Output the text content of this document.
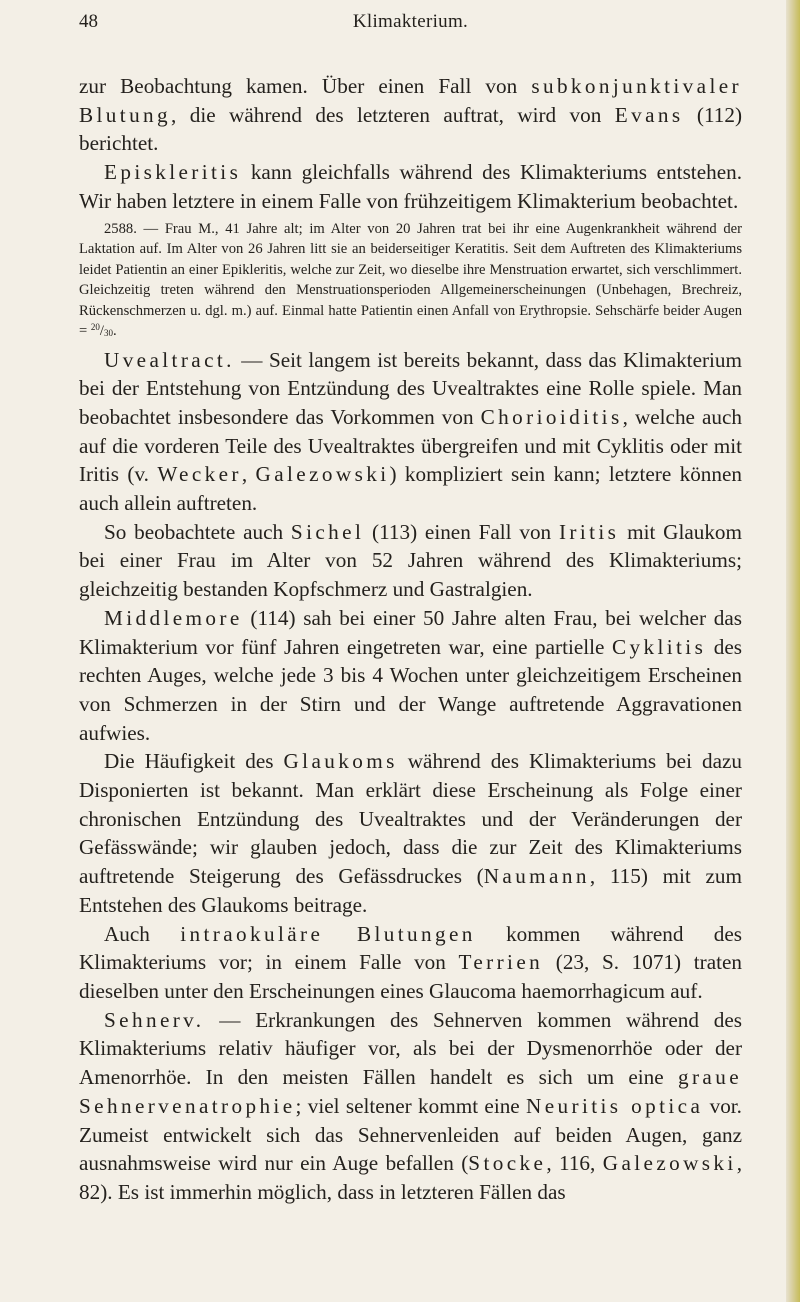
48	Klimakterium.

zur Beobachtung kamen. Über einen Fall von subkonjunktivaler Blutung, die während des letzteren auftrat, wird von Evans (112) berichtet.

Episkleritis kann gleichfalls während des Klimakteriums entstehen. Wir haben letztere in einem Falle von frühzeitigem Klimakterium beobachtet.

2588. — Frau M., 41 Jahre alt; im Alter von 20 Jahren trat bei ihr eine Augenkrankheit während der Laktation auf. Im Alter von 26 Jahren litt sie an beiderseitiger Keratitis. Seit dem Auftreten des Klimakteriums leidet Patientin an einer Epikleritis, welche zur Zeit, wo dieselbe ihre Menstruation erwartet, sich verschlimmert. Gleichzeitig treten während den Menstruationsperioden Allgemeinerscheinungen (Unbehagen, Brechreiz, Rückenschmerzen u. dgl. m.) auf. Einmal hatte Patientin einen Anfall von Erythropsie. Sehschärfe beider Augen = $^{20}/_{30}$.

Uvealtract. — Seit langem ist bereits bekannt, dass das Klimakterium bei der Entstehung von Entzündung des Uvealtraktes eine Rolle spiele. Man beobachtet insbesondere das Vorkommen von Chorioiditis, welche auch auf die vorderen Teile des Uvealtraktes übergreifen und mit Cyklitis oder mit Iritis (v. Wecker, Galezowski) kompliziert sein kann; letztere können auch allein auftreten.

So beobachtete auch Sichel (113) einen Fall von Iritis mit Glaukom bei einer Frau im Alter von 52 Jahren während des Klimakteriums; gleichzeitig bestanden Kopfschmerz und Gastralgien.

Middlemore (114) sah bei einer 50 Jahre alten Frau, bei welcher das Klimakterium vor fünf Jahren eingetreten war, eine partielle Cyklitis des rechten Auges, welche jede 3 bis 4 Wochen unter gleichzeitigem Erscheinen von Schmerzen in der Stirn und der Wange auftretende Aggravationen aufwies.

Die Häufigkeit des Glaukoms während des Klimakteriums bei dazu Disponierten ist bekannt. Man erklärt diese Erscheinung als Folge einer chronischen Entzündung des Uvealtraktes und der Veränderungen der Gefässwände; wir glauben jedoch, dass die zur Zeit des Klimakteriums auftretende Steigerung des Gefässdruckes (Naumann, 115) mit zum Entstehen des Glaukoms beitrage.

Auch intraokuläre Blutungen kommen während des Klimakteriums vor; in einem Falle von Terrien (23, S. 1071) traten dieselben unter den Erscheinungen eines Glaucoma haemorrhagicum auf.

Sehnerv. — Erkrankungen des Sehnerven kommen während des Klimakteriums relativ häufiger vor, als bei der Dysmenorrhöe oder der Amenorrhöe. In den meisten Fällen handelt es sich um eine graue Sehnervenatrophie; viel seltener kommt eine Neuritis optica vor. Zumeist entwickelt sich das Sehnervenleiden auf beiden Augen, ganz ausnahmsweise wird nur ein Auge befallen (Stocke, 116, Galezowski, 82). Es ist immerhin möglich, dass in letzteren Fällen das
